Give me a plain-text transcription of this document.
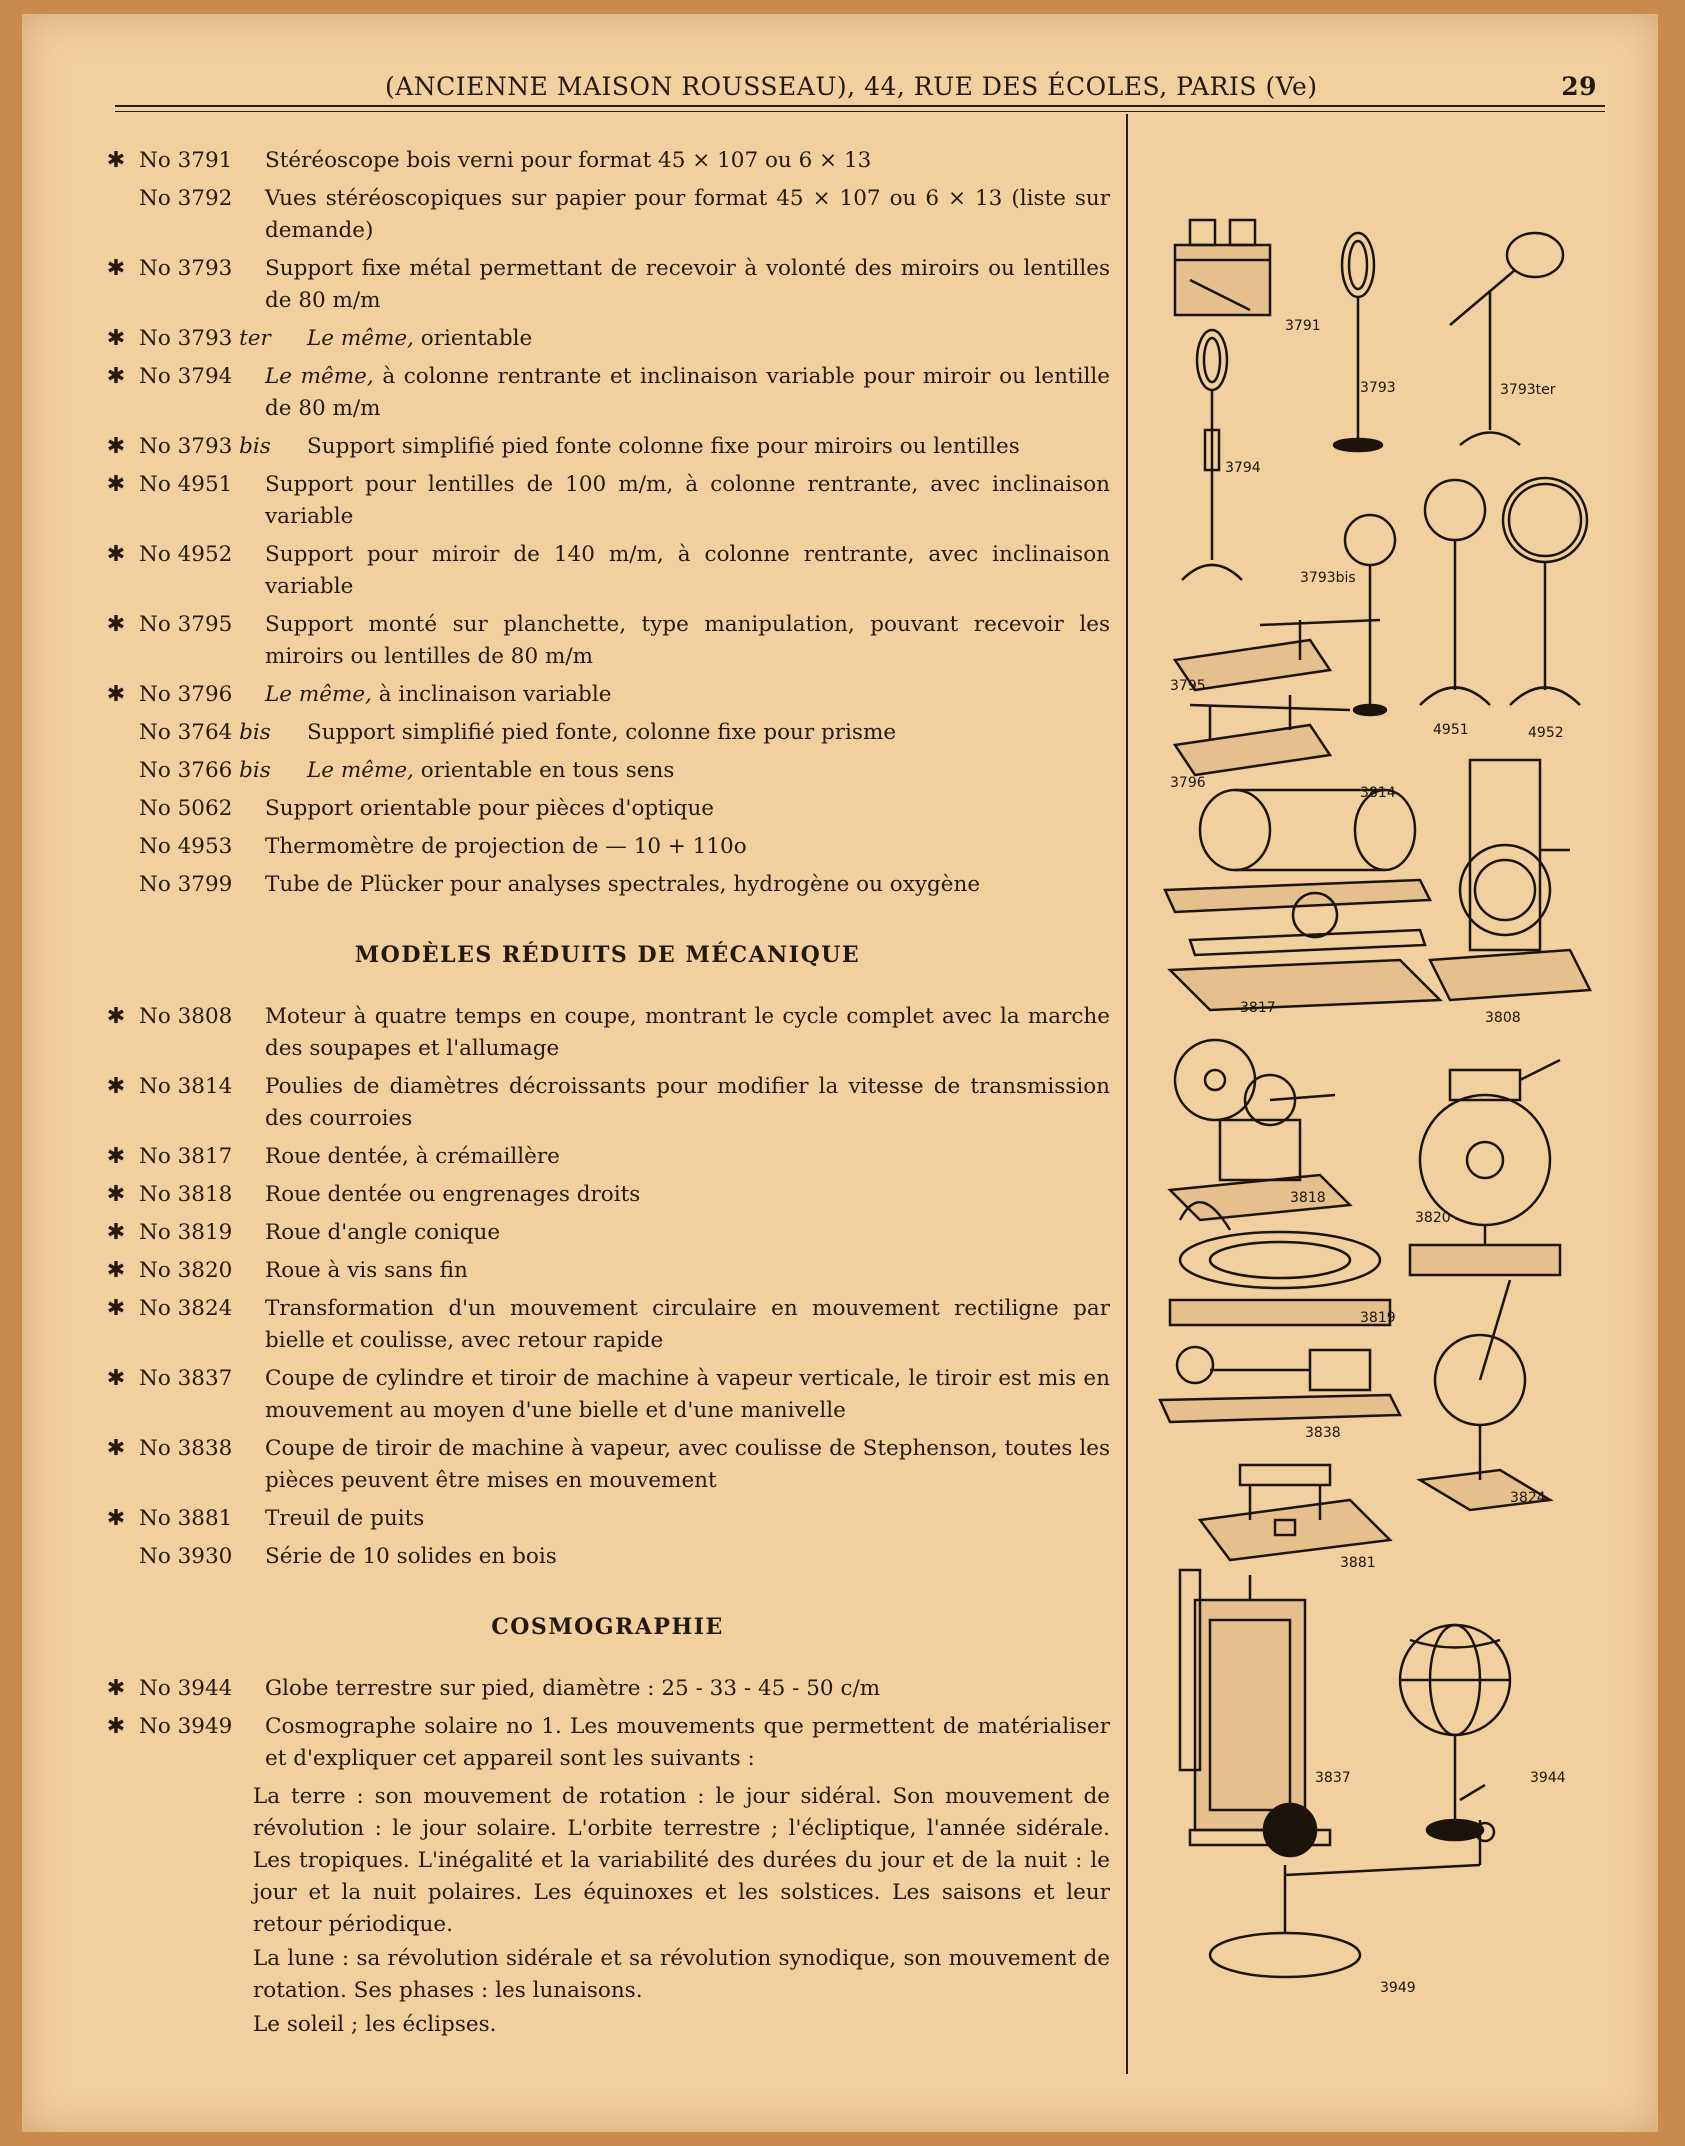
(ANCIENNE MAISON ROUSSEAU), 44, RUE DES ÉCOLES, PARIS (Ve)	29
✱ No 3791 Stéréoscope bois verni pour format 45 × 107 ou 6 × 13
No 3792 Vues stéréoscopiques sur papier pour format 45 × 107 ou 6 × 13 (liste sur demande)
✱ No 3793 Support fixe métal permettant de recevoir à volonté des miroirs ou lentilles de 80 m/m
✱ No 3793 ter Le même, orientable
✱ No 3794 Le même, à colonne rentrante et inclinaison variable pour miroir ou lentille de 80 m/m
✱ No 3793 bis Support simplifié pied fonte colonne fixe pour miroirs ou lentilles
✱ No 4951 Support pour lentilles de 100 m/m, à colonne rentrante, avec inclinaison variable
✱ No 4952 Support pour miroir de 140 m/m, à colonne rentrante, avec inclinaison variable
✱ No 3795 Support monté sur planchette, type manipulation, pouvant recevoir les miroirs ou lentilles de 80 m/m
✱ No 3796 Le même, à inclinaison variable
No 3764 bis Support simplifié pied fonte, colonne fixe pour prisme
No 3766 bis Le même, orientable en tous sens
No 5062 Support orientable pour pièces d'optique
No 4953 Thermomètre de projection de — 10 + 110o
No 3799 Tube de Plücker pour analyses spectrales, hydrogène ou oxygène
MODÈLES RÉDUITS DE MÉCANIQUE
✱ No 3808 Moteur à quatre temps en coupe, montrant le cycle complet avec la marche des soupapes et l'allumage
✱ No 3814 Poulies de diamètres décroissants pour modifier la vitesse de transmission des courroies
✱ No 3817 Roue dentée, à crémaillère
✱ No 3818 Roue dentée ou engrenages droits
✱ No 3819 Roue d'angle conique
✱ No 3820 Roue à vis sans fin
✱ No 3824 Transformation d'un mouvement circulaire en mouvement rectiligne par bielle et coulisse, avec retour rapide
✱ No 3837 Coupe de cylindre et tiroir de machine à vapeur verticale, le tiroir est mis en mouvement au moyen d'une bielle et d'une manivelle
✱ No 3838 Coupe de tiroir de machine à vapeur, avec coulisse de Stephenson, toutes les pièces peuvent être mises en mouvement
✱ No 3881 Treuil de puits
No 3930 Série de 10 solides en bois
COSMOGRAPHIE
✱ No 3944 Globe terrestre sur pied, diamètre : 25 - 33 - 45 - 50 c/m
✱ No 3949 Cosmographe solaire no 1. Les mouvements que permettent de matérialiser et d'expliquer cet appareil sont les suivants :
La terre : son mouvement de rotation : le jour sidéral. Son mouvement de révolution : le jour solaire. L'orbite terrestre ; l'écliptique, l'année sidérale. Les tropiques. L'inégalité et la variabilité des durées du jour et de la nuit : le jour et la nuit polaires. Les équinoxes et les solstices. Les saisons et leur retour périodique.
La lune : sa révolution sidérale et sa révolution synodique, son mouvement de rotation. Ses phases : les lunaisons.
Le soleil ; les éclipses.
3791
3793	3793ter
3794
3793bis
3795
4951	4952
3796
3814
3817
3808
3818
3820
3819
3838
3824
3881
3837	3944
3949
